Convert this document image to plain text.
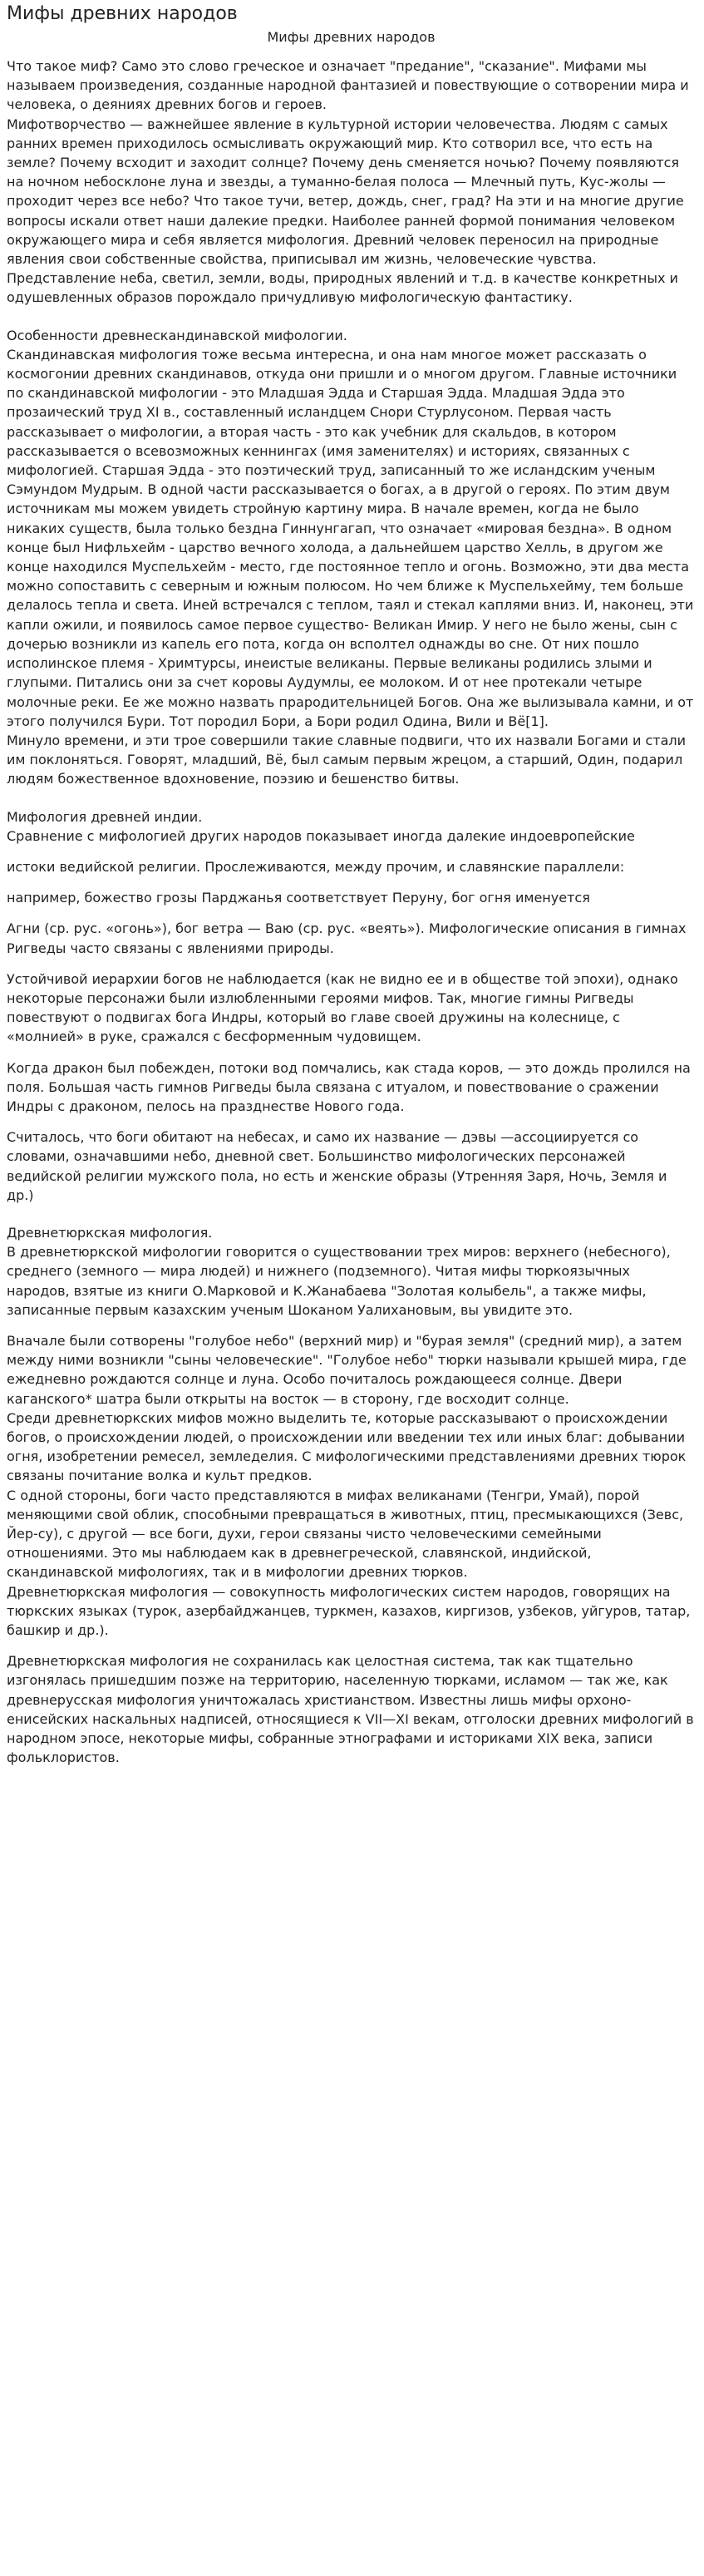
Мифы древних народов
Мифы древних народов

Что такое миф? Само это слово греческое и означает "предание", "сказание". Мифами мы называем произведения, созданные народной фантазией и повествующие о сотворении мира и человека, о деяниях древних богов и героев.

Мифотворчество — важнейшее явление в культурной истории человечества. Людям с самых ранних времен приходилось осмысливать окружающий мир. Кто сотворил все, что есть на земле? Почему всходит и заходит солнце? Почему день сменяется ночью? Почему появляются на ночном небосклоне луна и звезды, а туманно-белая полоса — Млечный путь, Кус-жолы — проходит через все небо? Что такое тучи, ветер, дождь, снег, град? На эти и на многие другие вопросы искали ответ наши далекие предки. Наиболее ранней формой понимания человеком окружающего мира и себя является мифология. Древний человек переносил на природные явления свои собственные свойства, приписывал им жизнь, человеческие чувства. Представление неба, светил, земли, воды, природных явлений и т.д. в качестве конкретных и одушевленных образов порождало причудливую мифологическую фантастику.

Особенности древнескандинавской мифологии.

Скандинавская мифология тоже весьма интересна, и она нам многое может рассказать о космогонии древних скандинавов, откуда они пришли и о многом другом. Главные источники по скандинавской мифологии - это Младшая Эдда и Старшая Эдда. Младшая Эдда это прозаический труд XI в., составленный исландцем Снори Стурлусоном. Первая часть рассказывает о мифологии, а вторая часть - это как учебник для скальдов, в котором рассказывается о всевозможных кеннингах (имя заменителях) и историях, связанных с мифологией. Старшая Эдда - это поэтический труд, записанный то же исландским ученым Сэмундом Мудрым. В одной части рассказывается о богах, а в другой о героях. По этим двум источникам мы можем увидеть стройную картину мира. В начале времен, когда не было никаких существ, была только бездна Гиннунгагап, что означает «мировая бездна». В одном конце был Нифльхейм - царство вечного холода, а дальнейшем царство Хелль, в другом же конце находился Муспельхейм - место, где постоянное тепло и огонь. Возможно, эти два места можно сопоставить с северным и южным полюсом. Но чем ближе к Муспельхейму, тем больше делалось тепла и света. Иней встречался с теплом, таял и стекал каплями вниз. И, наконец, эти капли ожили, и появилось самое первое существо- Великан Имир. У него не было жены, сын с дочерью возникли из капель его пота, когда он всполтел однажды во сне. От них пошло исполинское племя - Хримтурсы, инеистые великаны. Первые великаны родились злыми и глупыми. Питались они за счет коровы Аудумлы, ее молоком. И от нее протекали четыре молочные реки. Ее же можно назвать прародительницей Богов. Она же вылизывала камни, и от этого получился Бури. Тот породил Бори, а Бори родил Одина, Вили и Вё[1].

Минуло времени, и эти трое совершили такие славные подвиги, что их назвали Богами и стали им поклоняться. Говорят, младший, Вё, был самым первым жрецом, а старший, Один, подарил людям божественное вдохновение, поэзию и бешенство битвы.

Мифология древней индии.

Сравнение с мифологией других народов показывает иногда далекие индоевропейские

истоки ведийской религии. Прослеживаются, между прочим, и славянские параллели:

например, божество грозы Парджанья соответствует Перуну, бог огня именуется

Агни (ср. рус. «огонь»), бог ветра — Ваю (ср. рус. «веять»). Мифологические описания в гимнах Ригведы часто связаны с явлениями природы.

Устойчивой иерархии богов не наблюдается (как не видно ее и в обществе той эпохи), однако некоторые персонажи были излюбленными героями мифов. Так, многие гимны Ригведы повествуют о подвигах бога Индры, который во главе своей дружины на колеснице, с «молнией» в руке, сражался с бесформенным чудовищем.

Когда дракон был побежден, потоки вод помчались, как стада коров, — это дождь пролился на поля. Большая часть гимнов Ригведы была связана с итуалом, и повествование о сражении Индры с драконом, пелось на празднестве Нового года.

Считалось, что боги обитают на небесах, и само их название — дэвы —ассоциируется со словами, означавшими небо, дневной свет. Большинство мифологических персонажей ведийской религии мужского пола, но есть и женские образы (Утренняя Заря, Ночь, Земля и др.)

Древнетюркская мифология.

В древнетюркской мифологии говорится о существовании трех миров: верхнего (небесного), среднего (земного — мира людей) и нижнего (подземного). Читая мифы тюркоязычных народов, взятые из книги О.Марковой и К.Жанабаева "Золотая колыбель", а также мифы, записанные первым казахским ученым Шоканом Уалихановым, вы увидите это.

Вначале были сотворены "голубое небо" (верхний мир) и "бурая земля" (средний мир), а затем между ними возникли "сыны человеческие". "Голубое небо" тюрки называли крышей мира, где ежедневно рождаются солнце и луна. Особо почиталось рождающееся солнце. Двери каганского* шатра были открыты на восток — в сторону, где восходит солнце.

Среди древнетюркских мифов можно выделить те, которые рассказывают о происхождении богов, о происхождении людей, о происхождении или введении тех или иных благ: добывании огня, изобретении ремесел, земледелия. С мифологическими представлениями древних тюрок связаны почитание волка и культ предков.

С одной стороны, боги часто представляются в мифах великанами (Тенгри, Умай), порой меняющими свой облик, способными превращаться в животных, птиц, пресмыкающихся (Зевс, Йер-су), с другой — все боги, духи, герои связаны чисто человеческими семейными отношениями. Это мы наблюдаем как в древнегреческой, славянской, индийской, скандинавской мифологиях, так и в мифологии древних тюрков.

Древнетюркская мифология — совокупность мифологических систем народов, говорящих на тюркских языках (турок, азербайджанцев, туркмен, казахов, киргизов, узбеков, уйгуров, татар, башкир и др.).

Древнетюркская мифология не сохранилась как целостная система, так как тщательно изгонялась пришедшим позже на территорию, населенную тюрками, исламом — так же, как древнерусская мифология уничтожалась христианством. Известны лишь мифы орхоно-енисейских наскальных надписей, относящиеся к VII—XI векам, отголоски древних мифологий в народном эпосе, некоторые мифы, собранные этнографами и историками XIX века, записи фольклористов.
